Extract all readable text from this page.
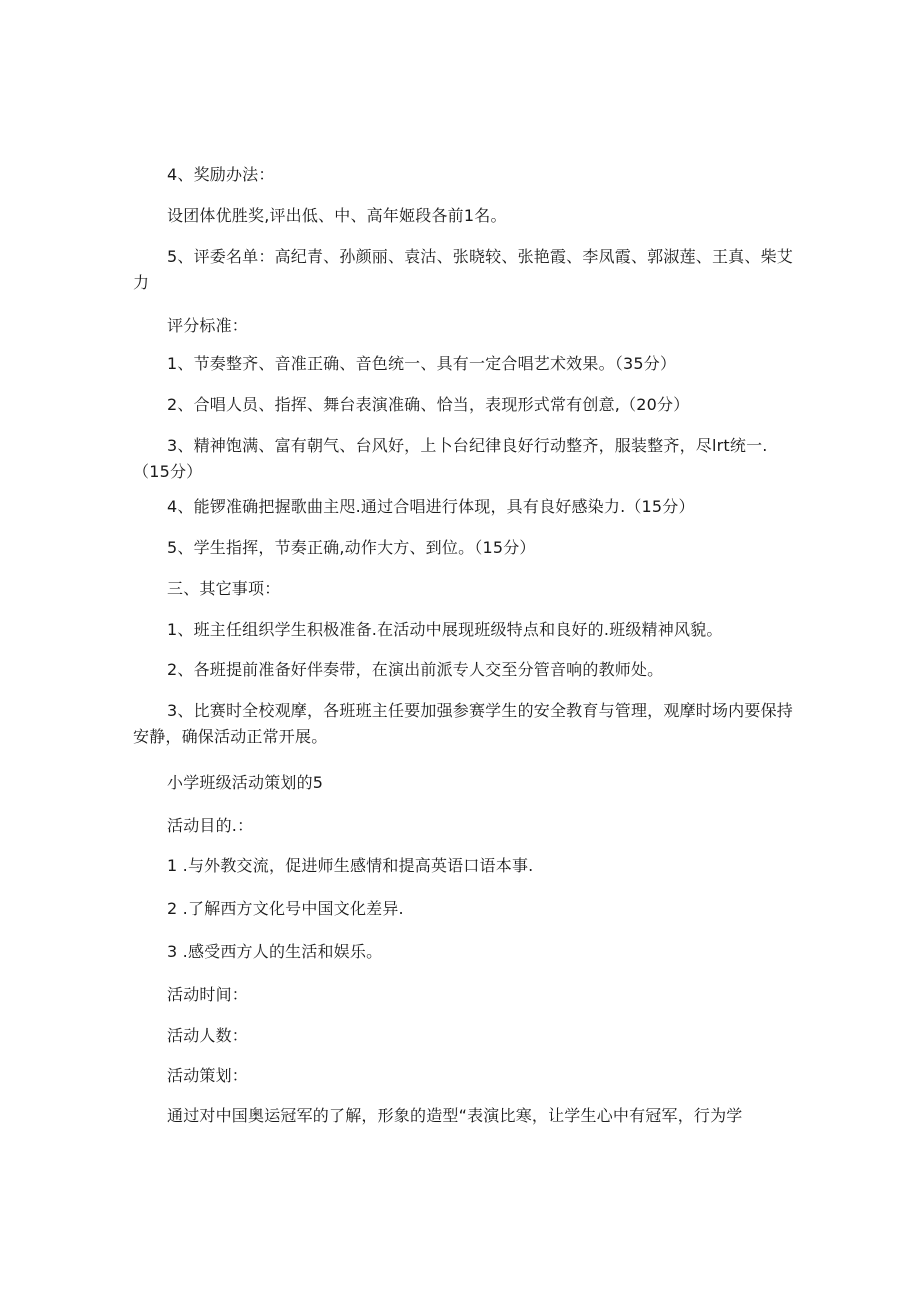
4、奖励办法：

设团体优胜奖,评出低、中、高年姬段各前1名。

5、评委名单：高纪青、孙颜丽、袁沽、张晓较、张艳霞、李凤霞、郭淑莲、王真、柴艾力

评分标准：

1、节奏整齐、音准正确、音色统一、具有一定合唱艺术效果。（35分）

2、合唱人员、指挥、舞台表演准确、恰当，表现形式常有创意,（20分）

3、精神饱满、富有朝气、台风好，上卜台纪律良好行动整齐，服装整齐，尽lrt统一.（15分）

4、能锣准确把握歌曲主咫.通过合唱进行体现，具有良好感染力.（15分）

5、学生指挥，节奏正确,动作大方、到位。（15分）

三、其它事项：

1、班主任组织学生积极准备.在活动中展现班级特点和良好的.班级精神风貌。

2、各班提前准备好伴奏带，在演出前派专人交至分管音响的教师处。

3、比赛时全校观摩，各班班主任要加强参赛学生的安全教育与管理，观摩时场内要保持安静，确保活动正常开展。

小学班级活动策划的5

活动目的.：

1 .与外教交流，促进师生感情和提高英语口语本事.

2 .了解西方文化号中国文化差异.

3 .感受西方人的生活和娱乐。

活动时间：

活动人数：

活动策划：

通过对中国奥运冠军的了解，形象的造型“表演比寒，让学生心中有冠军，行为学
